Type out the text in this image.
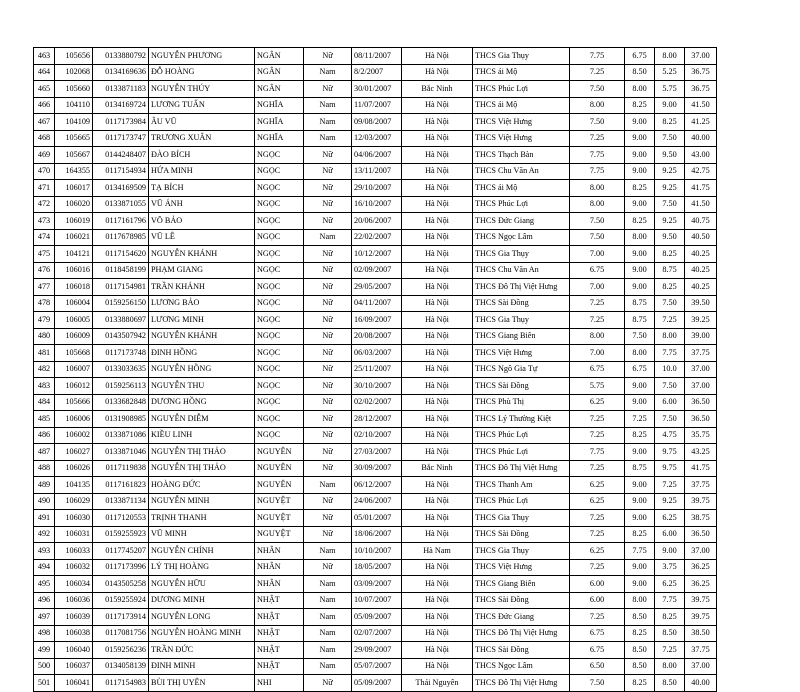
463	105656	0133880792	NGUYỄN PHƯƠNG	NGÂN	Nữ	08/11/2007	Hà Nội	THCS Gia Thụy	7.75	6.75	8.00	37.00
464	102068	0134169636	ĐỖ HOÀNG	NGÂN	Nam	8/2/2007	Hà Nội	THCS ái Mộ	7.25	8.50	5.25	36.75
465	105660	0133871183	NGUYỄN THÚY	NGÂN	Nữ	30/01/2007	Bắc Ninh	THCS Phúc Lợi	7.50	8.00	5.75	36.75
466	104110	0134169724	LƯƠNG TUẤN	NGHĨA	Nam	11/07/2007	Hà Nội	THCS ái Mộ	8.00	8.25	9.00	41.50
467	104109	0117173984	ÂU VŨ	NGHĨA	Nam	09/08/2007	Hà Nội	THCS Việt Hưng	7.50	9.00	8.25	41.25
468	105665	0117173747	TRƯƠNG XUÂN	NGHĨA	Nam	12/03/2007	Hà Nội	THCS Việt Hưng	7.25	9.00	7.50	40.00
469	105667	0144248407	ĐÀO BÍCH	NGỌC	Nữ	04/06/2007	Hà Nội	THCS Thạch Bàn	7.75	9.00	9.50	43.00
470	164355	0117154934	HỨA MINH	NGỌC	Nữ	13/11/2007	Hà Nội	THCS Chu Văn An	7.75	9.00	9.25	42.75
471	106017	0134169509	TẠ BÍCH	NGỌC	Nữ	29/10/2007	Hà Nội	THCS ái Mộ	8.00	8.25	9.25	41.75
472	106020	0133871055	VŨ ÁNH	NGỌC	Nữ	16/10/2007	Hà Nội	THCS Phúc Lợi	8.00	9.00	7.50	41.50
473	106019	0117161796	VÕ BẢO	NGỌC	Nữ	20/06/2007	Hà Nội	THCS Đức Giang	7.50	8.25	9.25	40.75
474	106021	0117678985	VŨ LÊ	NGỌC	Nam	22/02/2007	Hà Nội	THCS Ngọc Lâm	7.50	8.00	9.50	40.50
475	104121	0117154620	NGUYỄN KHÁNH	NGỌC	Nữ	10/12/2007	Hà Nội	THCS Gia Thụy	7.00	9.00	8.25	40.25
476	106016	0118458199	PHẠM GIANG	NGỌC	Nữ	02/09/2007	Hà Nội	THCS Chu Văn An	6.75	9.00	8.75	40.25
477	106018	0117154981	TRẦN KHÁNH	NGỌC	Nữ	29/05/2007	Hà Nội	THCS Đô Thị Việt Hưng	7.00	9.00	8.25	40.25
478	106004	0159256150	LƯƠNG BẢO	NGỌC	Nữ	04/11/2007	Hà Nội	THCS Sài Đồng	7.25	8.75	7.50	39.50
479	106005	0133880697	LƯƠNG MINH	NGỌC	Nữ	16/09/2007	Hà Nội	THCS Gia Thụy	7.25	8.75	7.25	39.25
480	106009	0143507942	NGUYỄN KHÁNH	NGỌC	Nữ	20/08/2007	Hà Nội	THCS Giang Biên	8.00	7.50	8.00	39.00
481	105668	0117173748	ĐINH HỒNG	NGỌC	Nữ	06/03/2007	Hà Nội	THCS Việt Hưng	7.00	8.00	7.75	37.75
482	106007	0133033635	NGUYỄN HỒNG	NGỌC	Nữ	25/11/2007	Hà Nội	THCS Ngô Gia Tự	6.75	6.75	10.0	37.00
483	106012	0159256113	NGUYỄN THU	NGỌC	Nữ	30/10/2007	Hà Nội	THCS Sài Đồng	5.75	9.00	7.50	37.00
484	105666	0133682848	DƯƠNG HỒNG	NGỌC	Nữ	02/02/2007	Hà Nội	THCS Phù Thị	6.25	9.00	6.00	36.50
485	106006	0131908985	NGUYỄN DIỄM	NGỌC	Nữ	28/12/2007	Hà Nội	THCS Lý Thường Kiệt	7.25	7.25	7.50	36.50
486	106002	0133871086	KIỀU LINH	NGỌC	Nữ	02/10/2007	Hà Nội	THCS Phúc Lợi	7.25	8.25	4.75	35.75
487	106027	0133871046	NGUYỄN THỊ THẢO	NGUYÊN	Nữ	27/03/2007	Hà Nội	THCS Phúc Lợi	7.75	9.00	9.75	43.25
488	106026	0117119838	NGUYỄN THỊ THẢO	NGUYÊN	Nữ	30/09/2007	Bắc Ninh	THCS Đô Thị Việt Hưng	7.25	8.75	9.75	41.75
489	104135	0117161823	HOÀNG ĐỨC	NGUYÊN	Nam	06/12/2007	Hà Nội	THCS Thanh Am	6.25	9.00	7.25	37.75
490	106029	0133871134	NGUYỄN MINH	NGUYỆT	Nữ	24/06/2007	Hà Nội	THCS Phúc Lợi	6.25	9.00	9.25	39.75
491	106030	0117120553	TRỊNH THANH	NGUYỆT	Nữ	05/01/2007	Hà Nội	THCS Gia Thụy	7.25	9.00	6.25	38.75
492	106031	0159255923	VŨ MINH	NGUYỆT	Nữ	18/06/2007	Hà Nội	THCS Sài Đồng	7.25	8.25	6.00	36.50
493	106033	0117745207	NGUYỄN CHÍNH	NHÂN	Nam	10/10/2007	Hà Nam	THCS Gia Thụy	6.25	7.75	9.00	37.00
494	106032	0117173996	LÝ THỊ HOÀNG	NHÂN	Nữ	18/05/2007	Hà Nội	THCS Việt Hưng	7.25	9.00	3.75	36.25
495	106034	0143505258	NGUYỄN HỮU	NHÂN	Nam	03/09/2007	Hà Nội	THCS Giang Biên	6.00	9.00	6.25	36.25
496	106036	0159255924	DƯƠNG MINH	NHẬT	Nam	10/07/2007	Hà Nội	THCS Sài Đồng	6.00	8.00	7.75	39.75
497	106039	0117173914	NGUYỄN LONG	NHẬT	Nam	05/09/2007	Hà Nội	THCS Đức Giang	7.25	8.50	8.25	39.75
498	106038	0117081756	NGUYỄN HOÀNG MINH	NHẬT	Nam	02/07/2007	Hà Nội	THCS Đô Thị Việt Hưng	6.75	8.25	8.50	38.50
499	106040	0159256236	TRẦN ĐỨC	NHẬT	Nam	29/09/2007	Hà Nội	THCS Sài Đồng	6.75	8.50	7.25	37.75
500	106037	0134058139	ĐINH MINH	NHẬT	Nam	05/07/2007	Hà Nội	THCS Ngọc Lâm	6.50	8.50	8.00	37.00
501	106041	0117154983	BÙI THỊ UYÊN	NHI	Nữ	05/09/2007	Thái Nguyên	THCS Đô Thị Việt Hưng	7.50	8.25	8.50	40.00
